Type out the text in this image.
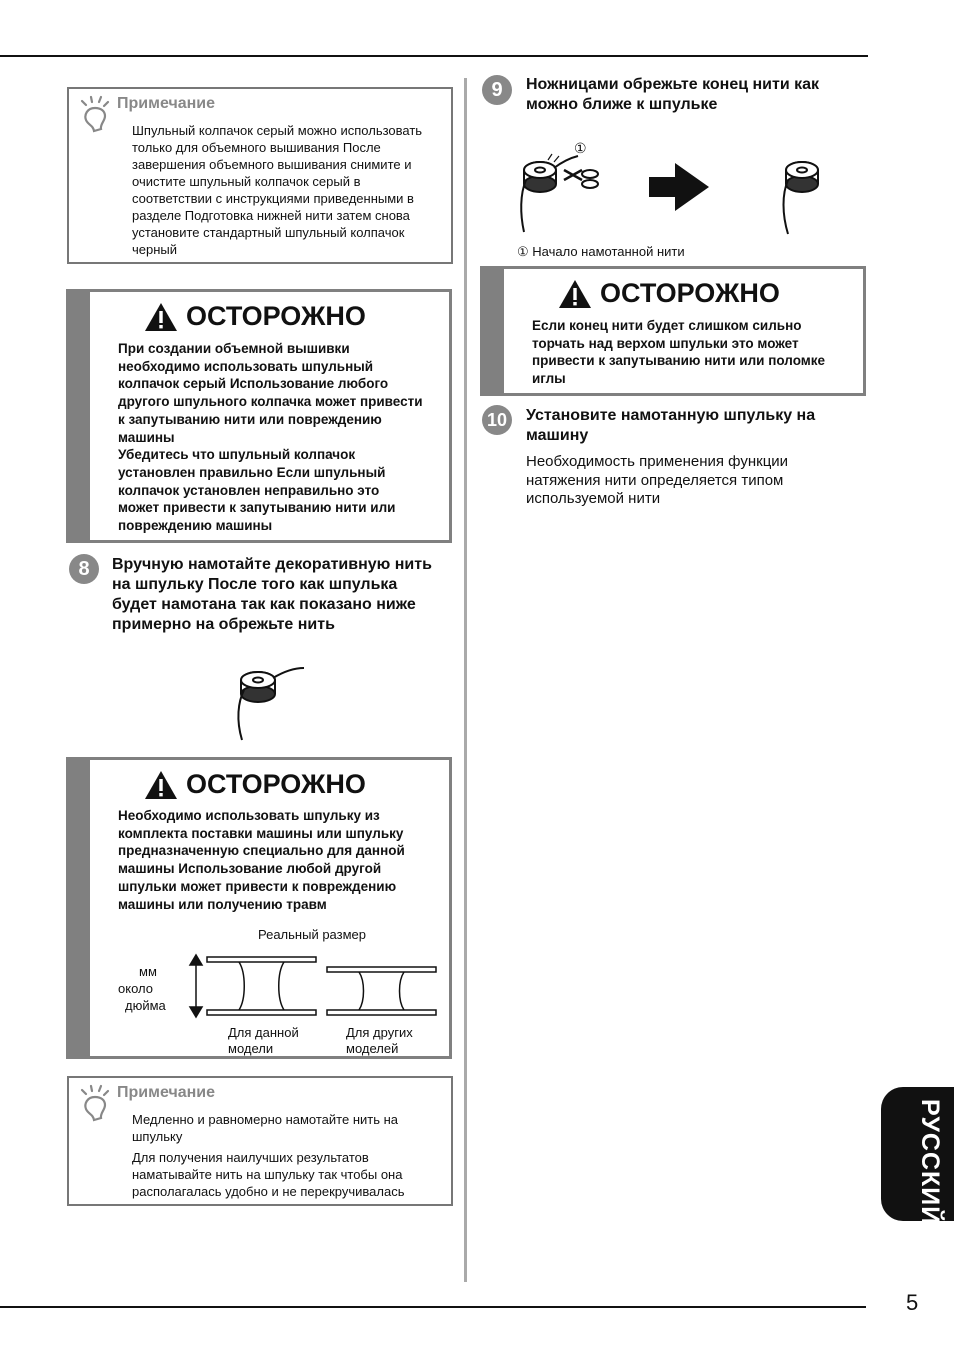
Примечание
Шпульный колпачок серый можно использовать
только для объемного вышивания После
завершения объемного вышивания снимите и
очистите шпульный колпачок серый в
соответствии с инструкциями приведенными в
разделе Подготовка нижней нити затем снова
установите стандартный шпульный колпачок
черный
ОСТОРОЖНО
При создании объемной вышивки
необходимо использовать шпульный
колпачок серый Использование любого
другого шпульного колпачка может привести
к запутыванию нити или повреждению
машины
Убедитесь что шпульный колпачок
установлен правильно Если шпульный
колпачок установлен неправильно это
может привести к запутыванию нити или
повреждению машины
8	Вручную намотайте декоративную нить
на шпульку После того как шпулька
будет намотана так как показано ниже
примерно на обрежьте нить
ОСТОРОЖНО
Необходимо использовать шпульку из
комплекта поставки машины или шпульку
предназначенную специально для данной
машины Использование любой другой
шпульки может привести к повреждению
машины или получению травм
Реальный размер
мм
около
дюйма
Для данной
модели
Для других
моделей
Примечание
Медленно и равномерно намотайте нить на
шпульку
Для получения наилучших результатов
наматывайте нить на шпульку так чтобы она
располагалась удобно и не перекручивалась
9	Ножницами обрежьте конец нити как
можно ближе к шпульке
①
① Начало намотанной нити
ОСТОРОЖНО
Если конец нити будет слишком сильно
торчать над верхом шпульки это может
привести к запутыванию нити или поломке
иглы
10	Установите намотанную шпульку на
машину
Необходимость применения функции
натяжения нити определяется типом
используемой нити
РУССКИЙ
5
